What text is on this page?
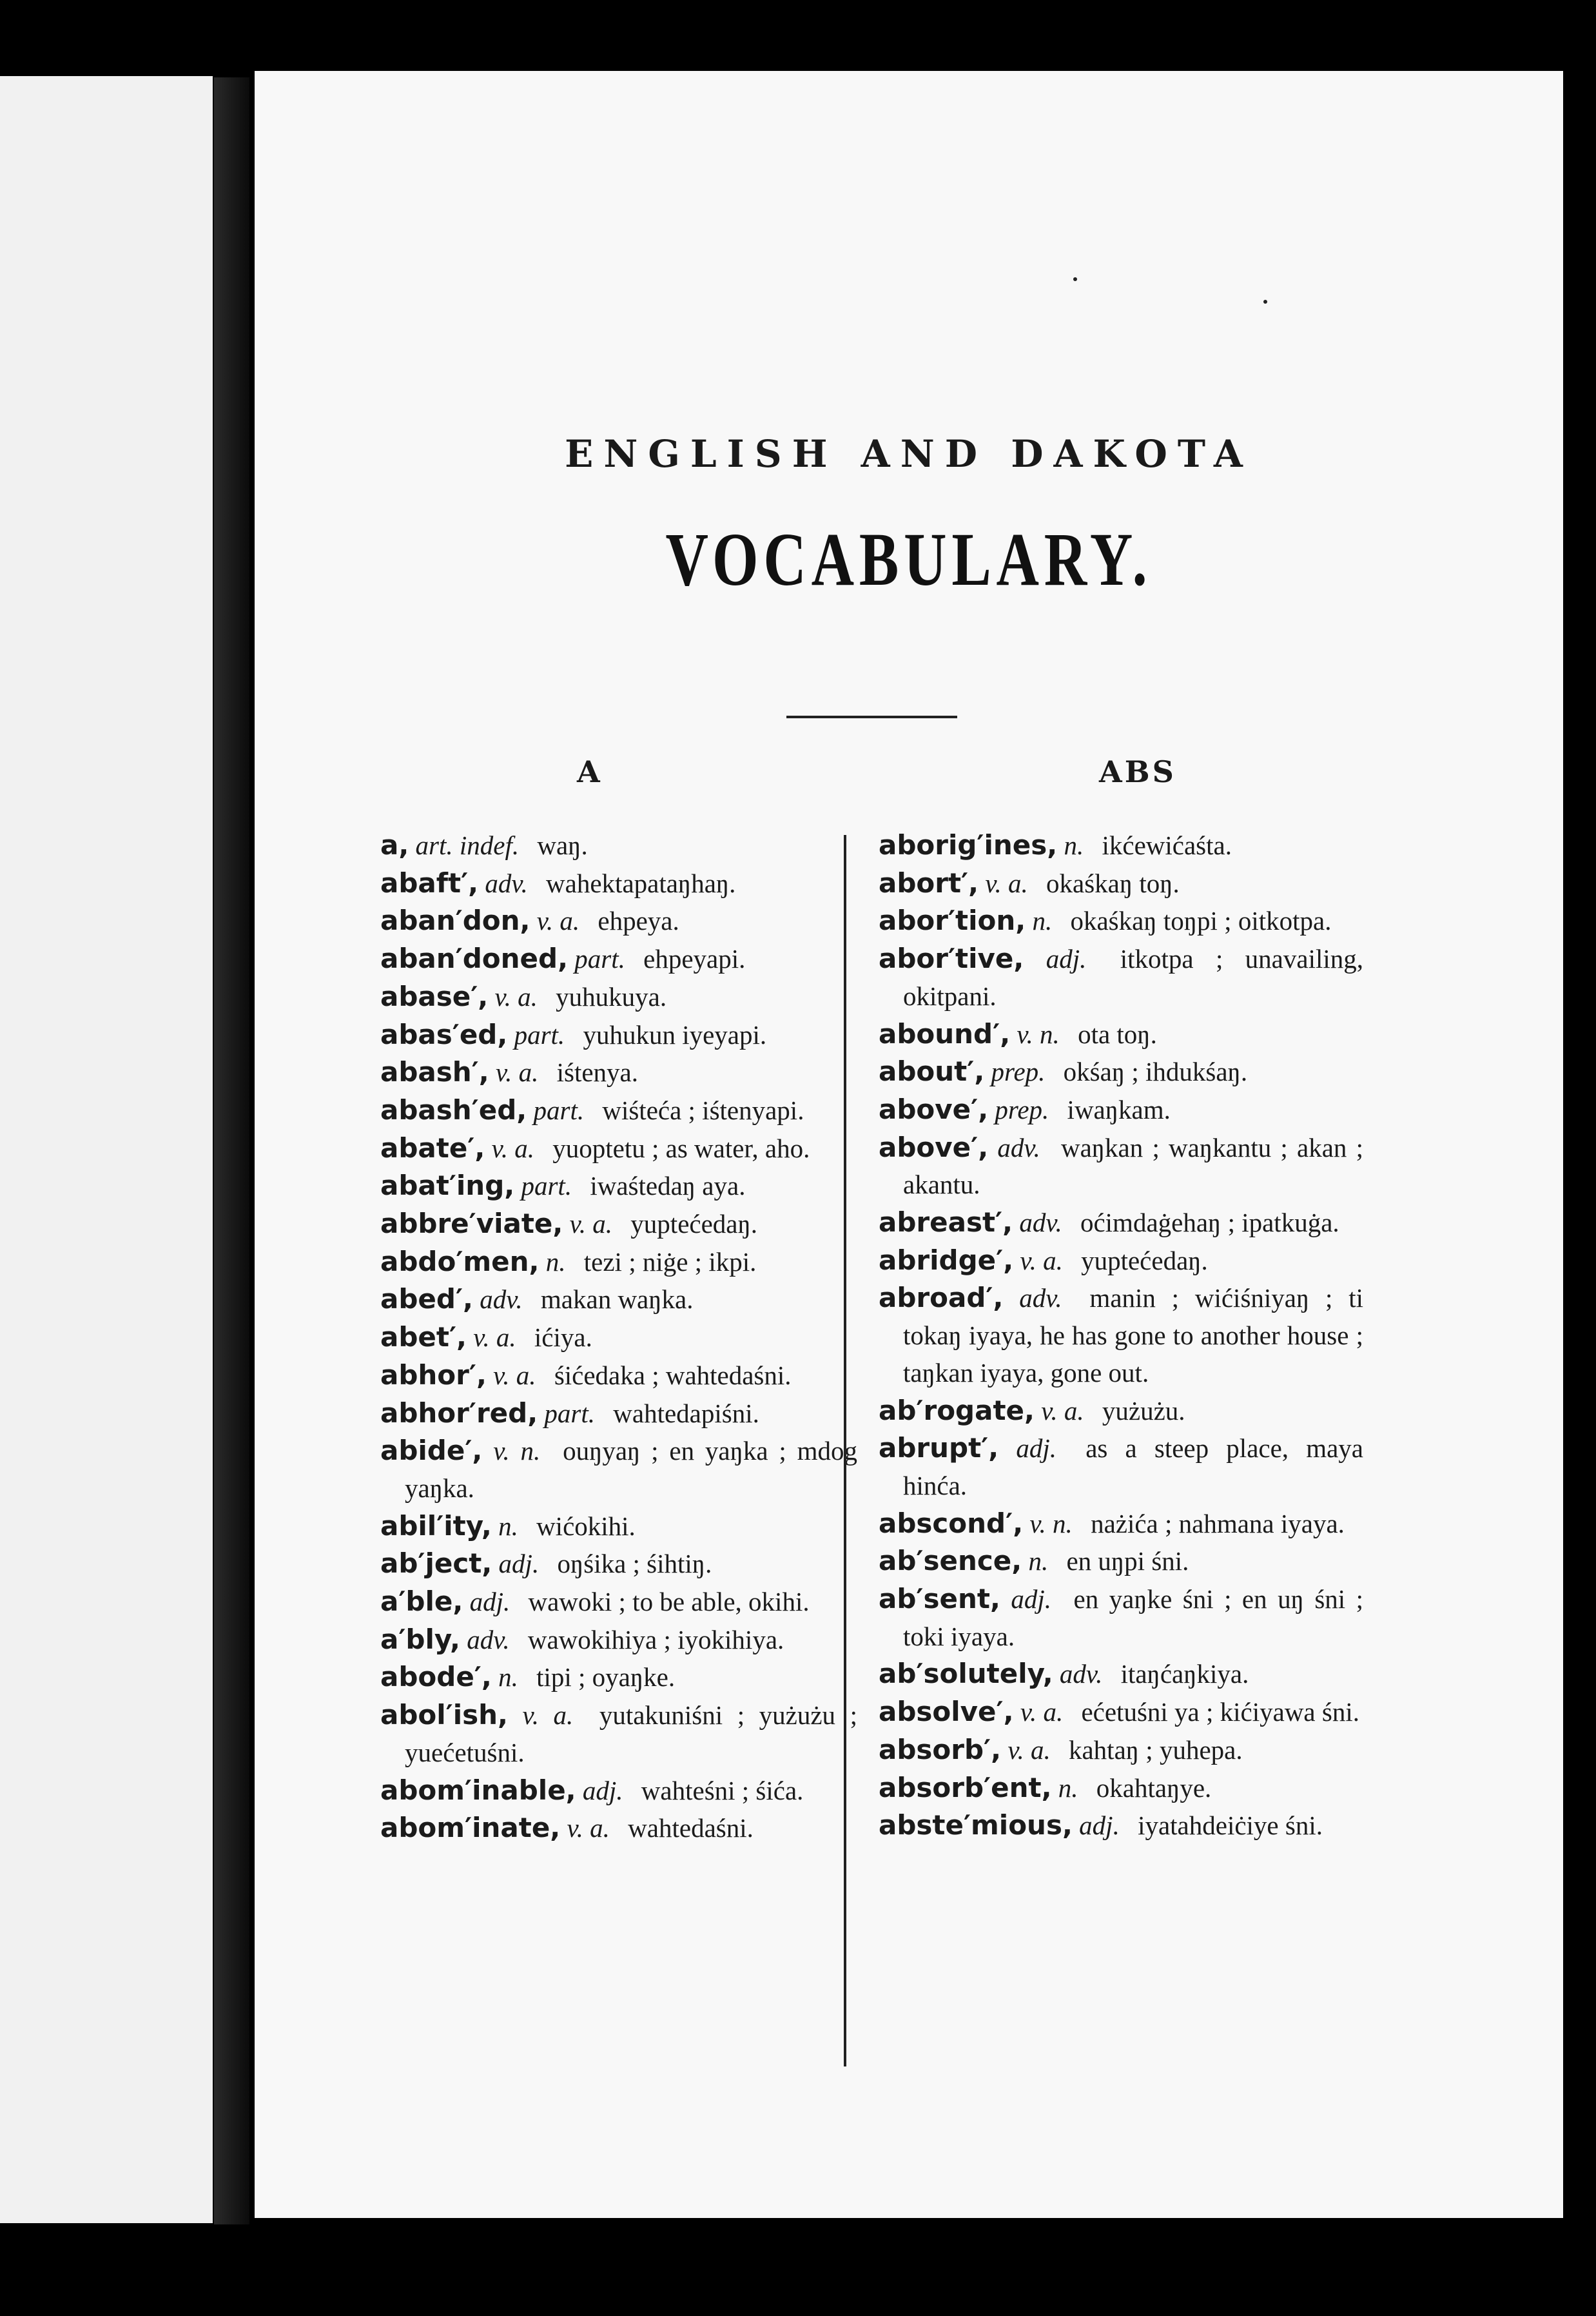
ENGLISH AND DAKOTA
VOCABULARY.
A	ABS
a, art. indef. waŋ.
abaft′, adv. wahektapataŋhaŋ.
aban′don, v. a. ehpeya.
aban′doned, part. ehpeyapi.
abase′, v. a. yuhukuya.
abas′ed, part. yuhukun iyeyapi.
abash′, v. a. iśtenya.
abash′ed, part. wiśteća ; iśtenyapi.
abate′, v. a. yuoptetu ; as water, aho.
abat′ing, part. iwaśtedaŋ aya.
abbre′viate, v. a. yuptećedaŋ.
abdo′men, n. tezi ; niġe ; ikpi.
abed′, adv. makan waŋka.
abet′, v. a. ićiya.
abhor′, v. a. śićedaka ; wahtedaśni.
abhor′red, part. wahtedapiśni.
abide′, v. n. ouŋyaŋ ; en yaŋka ; mdog yaŋka.
abil′ity, n. wićokihi.
ab′ject, adj. oŋśika ; śihtiŋ.
a′ble, adj. wawoki ; to be able, okihi.
a′bly, adv. wawokihiya ; iyokihiya.
abode′, n. tipi ; oyaŋke.
abol′ish, v. a. yutakuniśni ; yużużu ; yuećetuśni.
abom′inable, adj. wahteśni ; śića.
abom′inate, v. a. wahtedaśni.
aborig′ines, n. ikćewićaśta.
abort′, v. a. okaśkaŋ toŋ.
abor′tion, n. okaśkaŋ toŋpi ; oitkotpa.
abor′tive, adj. itkotpa ; unavailing, okitpani.
abound′, v. n. ota toŋ.
about′, prep. okśaŋ ; ihdukśaŋ.
above′, prep. iwaŋkam.
above′, adv. waŋkan ; waŋkantu ; akan ; akantu.
abreast′, adv. oćimdaġehaŋ ; ipatkuġa.
abridge′, v. a. yuptećedaŋ.
abroad′, adv. manin ; wićiśniyaŋ ; ti tokaŋ iyaya, he has gone to another house ; taŋkan iyaya, gone out.
ab′rogate, v. a. yużużu.
abrupt′, adj. as a steep place, maya hinća.
abscond′, v. n. nażića ; nahmana iyaya.
ab′sence, n. en uŋpi śni.
ab′sent, adj. en yaŋke śni ; en uŋ śni ; toki iyaya.
ab′solutely, adv. itaŋćaŋkiya.
absolve′, v. a. ećetuśni ya ; kićiyawa śni.
absorb′, v. a. kahtaŋ ; yuhepa.
absorb′ent, n. okahtaŋye.
abste′mious, adj. iyatahdeiċiye śni.
